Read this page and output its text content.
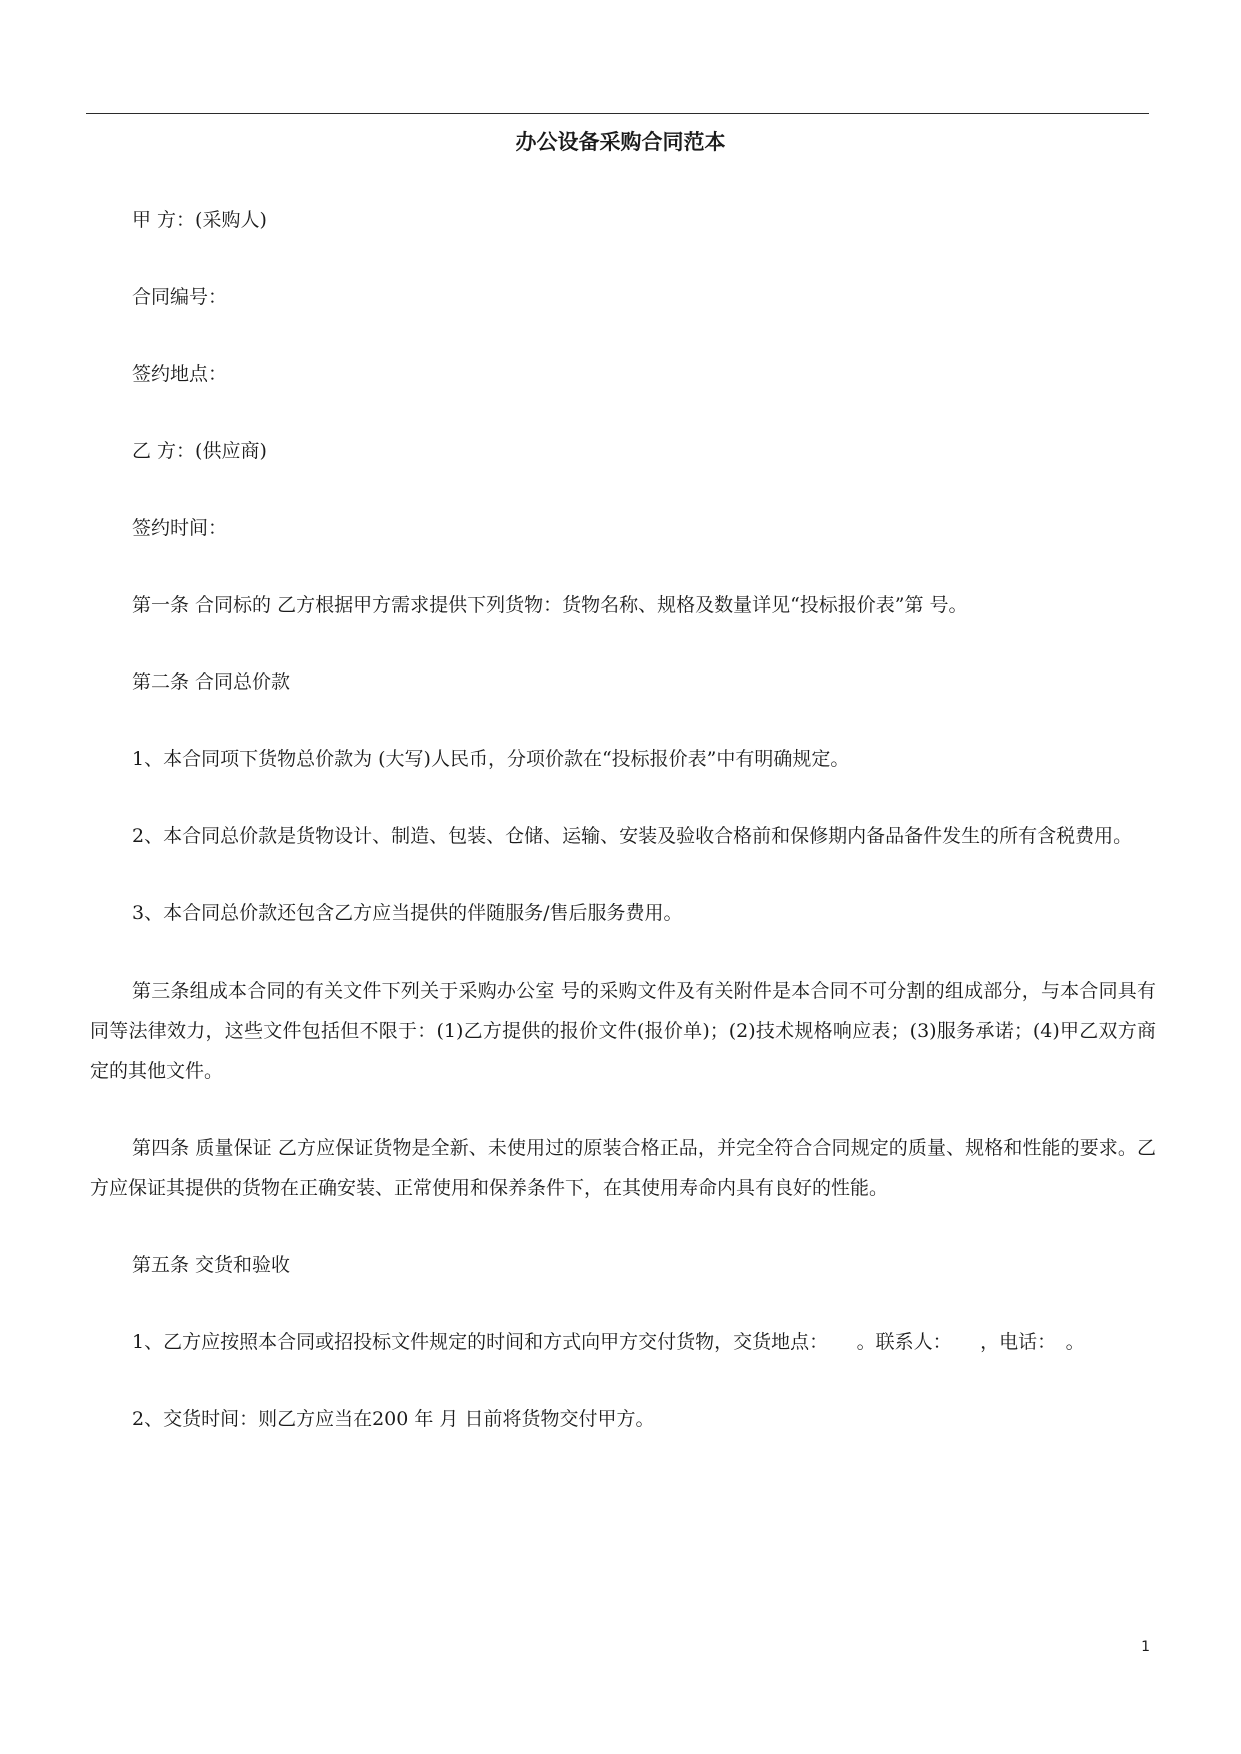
办公设备采购合同范本

甲 方：(采购人)

合同编号：

签约地点：

乙 方：(供应商)

签约时间：

第一条 合同标的 乙方根据甲方需求提供下列货物：货物名称、规格及数量详见“投标报价表”第 号。

第二条 合同总价款

1、本合同项下货物总价款为 (大写)人民币，分项价款在“投标报价表”中有明确规定。

2、本合同总价款是货物设计、制造、包装、仓储、运输、安装及验收合格前和保修期内备品备件发生的所有含税费用。

3、本合同总价款还包含乙方应当提供的伴随服务/售后服务费用。

第三条组成本合同的有关文件下列关于采购办公室 号的采购文件及有关附件是本合同不可分割的组成部分，与本合同具有同等法律效力，这些文件包括但不限于：(1)乙方提供的报价文件(报价单)；(2)技术规格响应表；(3)服务承诺；(4)甲乙双方商定的其他文件。

第四条 质量保证 乙方应保证货物是全新、未使用过的原装合格正品，并完全符合合同规定的质量、规格和性能的要求。乙方应保证其提供的货物在正确安装、正常使用和保养条件下，在其使用寿命内具有良好的性能。

第五条 交货和验收

1、乙方应按照本合同或招投标文件规定的时间和方式向甲方交付货物，交货地点：　　。联系人：　　，电话：　。

2、交货时间：则乙方应当在200 年 月 日前将货物交付甲方。

1
